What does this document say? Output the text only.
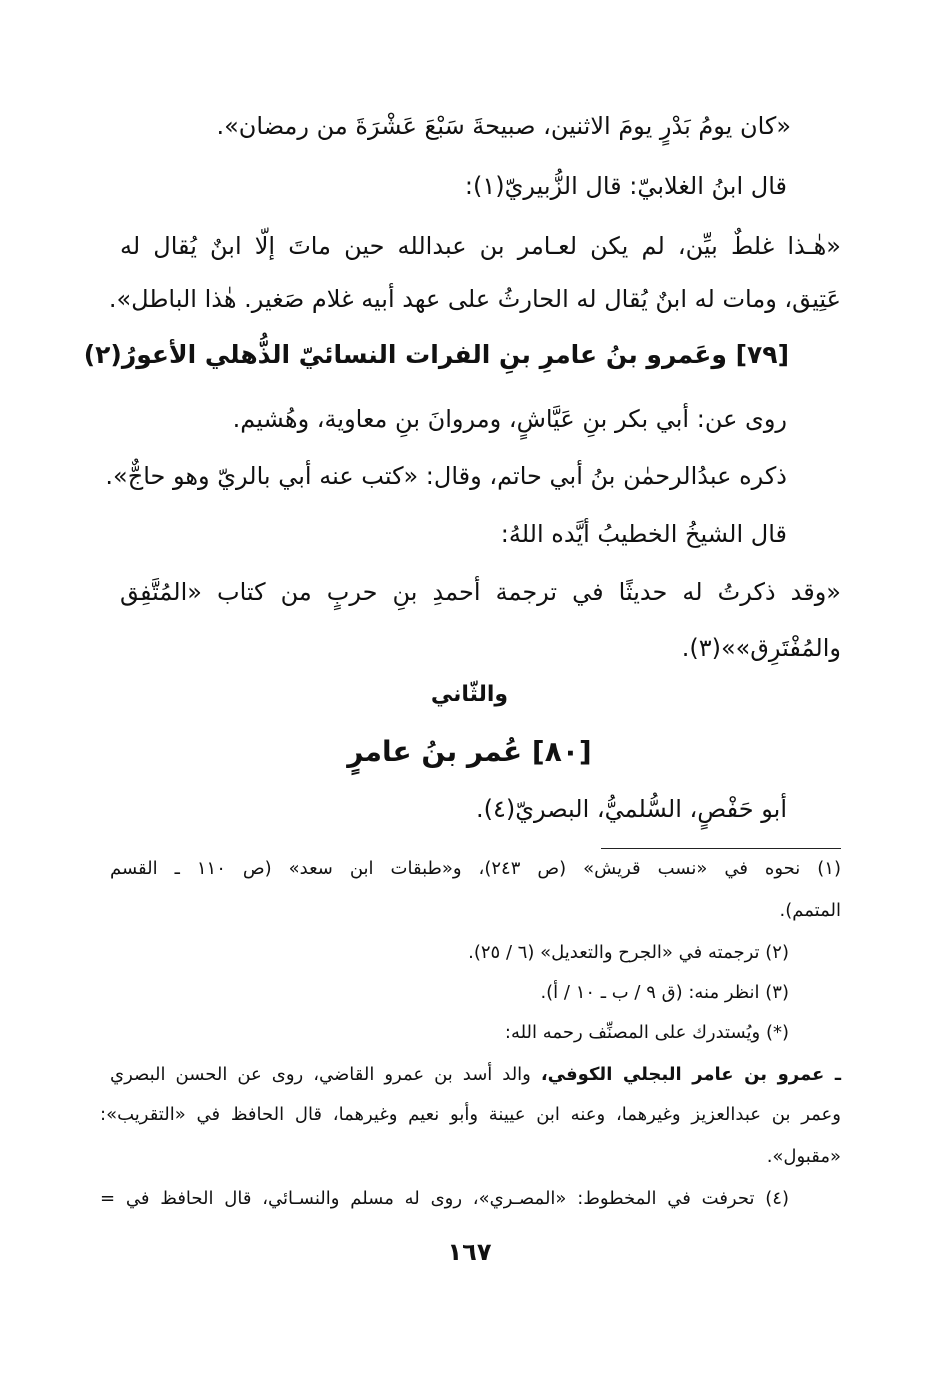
«كان يومُ بَدْرٍ يومَ الاثنين، صبيحةَ سَبْعَ عَشْرَةَ من رمضان».
قال ابنُ الغلابيّ: قال الزُّبيريّ(١):
«هٰـذا غلطٌ بيِّن، لم يكن لعـامر بن عبدالله حين ماتَ إلّا ابنٌ يُقال له
عَتِيق، ومات له ابنٌ يُقال له الحارثُ على عهد أبيه غلام صَغير. هٰذا الباطل».
[٧٩] وعَمرو بنُ عامرِ بنِ الفرات النسائيّ الذُّهلي الأعورُ(٢)
روى عن: أبي بكر بنِ عَيَّاشٍ، ومروانَ بنِ معاوية، وهُشيم.
ذكره عبدُالرحمٰن بنُ أبي حاتم، وقال: «كتب عنه أبي بالريّ وهو حاجٌّ».
قال الشيخُ الخطيبُ أيَّده اللهُ:
«وقد ذكرتُ له حديثًا في ترجمة أحمدِ بنِ حربٍ من كتاب «المُتَّفِق
والمُفْتَرِق»»(٣).
والثّاني
[٨٠] عُمر بنُ عامرٍ
أبو حَفْصٍ، السُّلميُّ، البصريّ(٤).
(١) نحوه في «نسب قريش» (ص ٢٤٣)، و«طبقات ابن سعد» (ص ١١٠ ـ القسم
المتمم).
(٢) ترجمته في «الجرح والتعديل» (٦ / ٢٥).
(٣) انظر منه: (ق ٩ / ب ـ ١٠ / أ).
(*) ويُستدرك على المصنِّف رحمه الله:
ـ عمرو بن عامر البجلي الكوفي، والد أسد بن عمرو القاضي، روى عن الحسن البصري
وعمر بن عبدالعزيز وغيرهما، وعنه ابن عيينة وأبو نعيم وغيرهما، قال الحافظ في «التقريب»:
«مقبول».
(٤) تحرفت في المخطوط: «المصـري»، روى له مسلم والنسـائي، قال الحافظ في =
١٦٧
